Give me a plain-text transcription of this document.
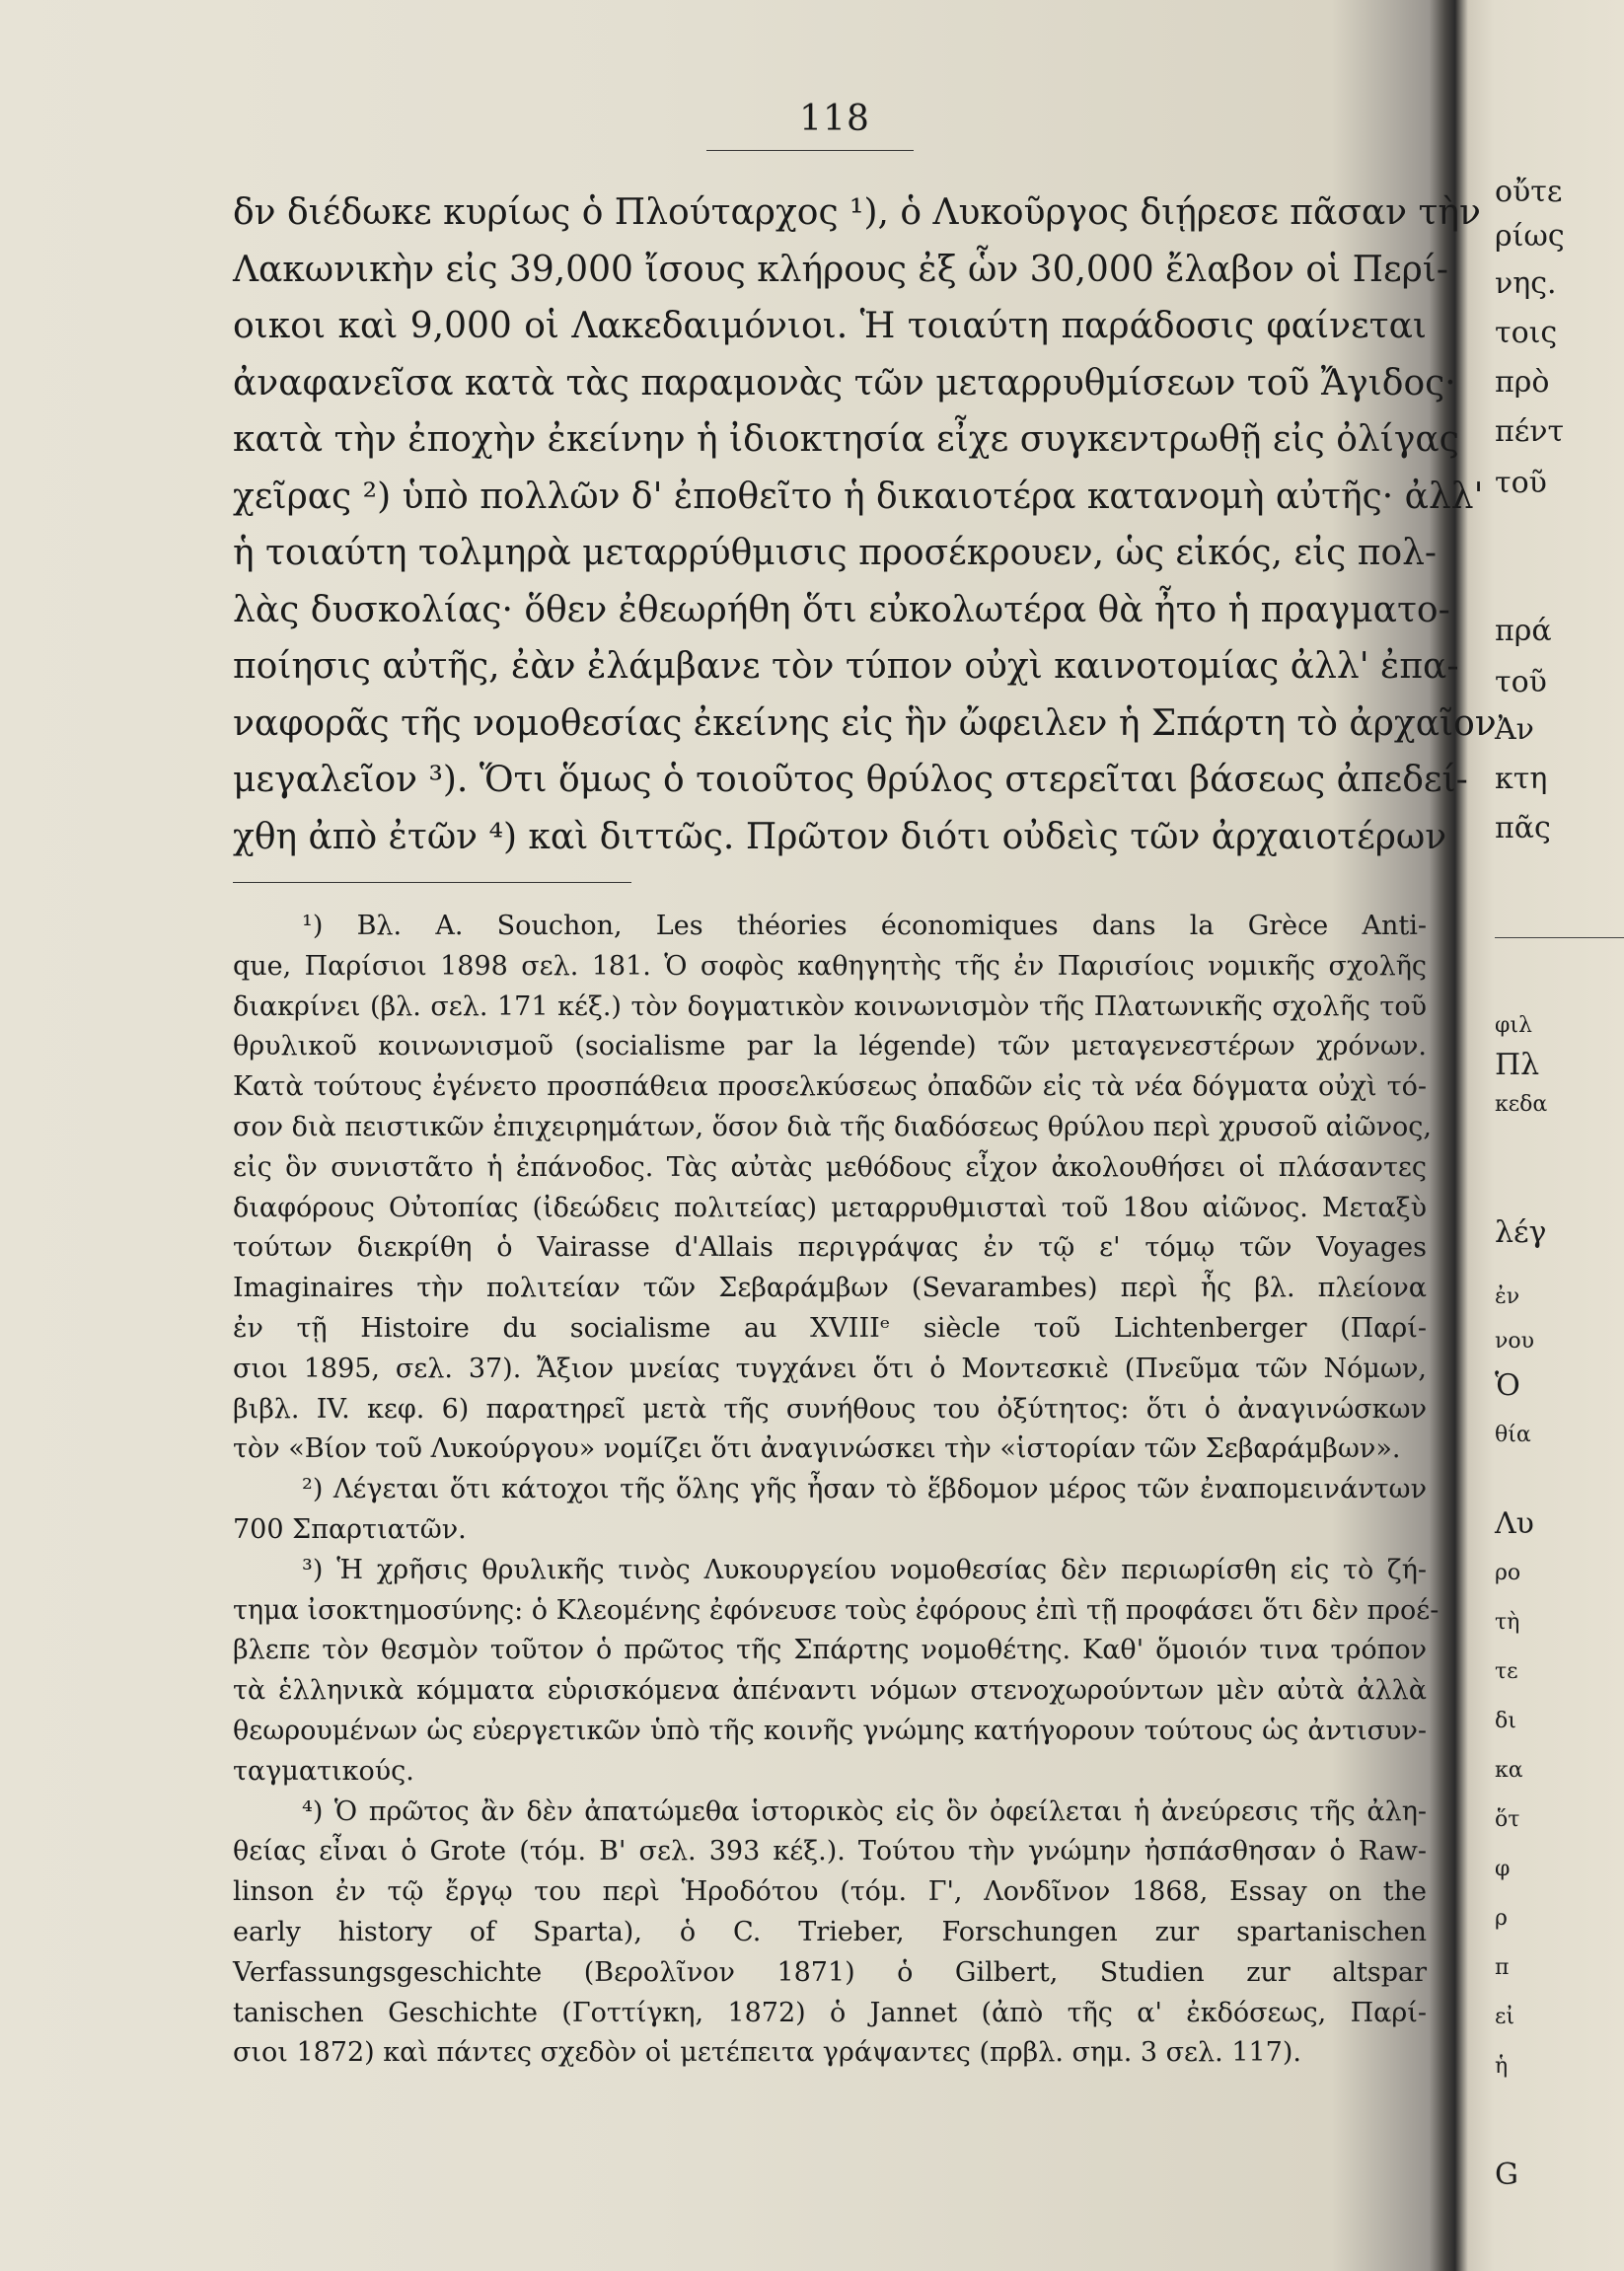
118
δν διέδωκε κυρίως ὁ Πλούταρχος ¹), ὁ Λυκοῦργος διῄρεσε πᾶσαν τὴν
Λακωνικὴν εἰς 39,000 ἴσους κλήρους ἐξ ὧν 30,000 ἔλαβον οἱ Περί-
οικοι καὶ 9,000 οἱ Λακεδαιμόνιοι. Ἡ τοιαύτη παράδοσις φαίνεται
ἀναφανεῖσα κατὰ τὰς παραμονὰς τῶν μεταρρυθμίσεων τοῦ Ἄγιδος·
κατὰ τὴν ἐποχὴν ἐκείνην ἡ ἰδιοκτησία εἶχε συγκεντρωθῇ εἰς ὀλίγας
χεῖρας ²) ὑπὸ πολλῶν δ' ἐποθεῖτο ἡ δικαιοτέρα κατανομὴ αὐτῆς· ἀλλ'
ἡ τοιαύτη τολμηρὰ μεταρρύθμισις προσέκρουεν, ὡς εἰκός, εἰς πολ-
λὰς δυσκολίας· ὅθεν ἐθεωρήθη ὅτι εὐκολωτέρα θὰ ἦτο ἡ πραγματο-
ποίησις αὐτῆς, ἐὰν ἐλάμβανε τὸν τύπον οὐχὶ καινοτομίας ἀλλ' ἐπα-
ναφορᾶς τῆς νομοθεσίας ἐκείνης εἰς ἣν ὤφειλεν ἡ Σπάρτη τὸ ἀρχαῖον
μεγαλεῖον ³). Ὅτι ὅμως ὁ τοιοῦτος θρύλος στερεῖται βάσεως ἀπεδεί-
χθη ἀπὸ ἐτῶν ⁴) καὶ διττῶς. Πρῶτον διότι οὐδεὶς τῶν ἀρχαιοτέρων
¹) Βλ. A. Souchon, Les théories économiques dans la Grèce Anti-
que, Παρίσιοι 1898 σελ. 181. Ὁ σοφὸς καθηγητὴς τῆς ἐν Παρισίοις νομικῆς σχολῆς
διακρίνει (βλ. σελ. 171 κέξ.) τὸν δογματικὸν κοινωνισμὸν τῆς Πλατωνικῆς σχολῆς τοῦ
θρυλικοῦ κοινωνισμοῦ (socialisme par la légende) τῶν μεταγενεστέρων χρόνων.
Κατὰ τούτους ἐγένετο προσπάθεια προσελκύσεως ὀπαδῶν εἰς τὰ νέα δόγματα οὐχὶ τό-
σον διὰ πειστικῶν ἐπιχειρημάτων, ὅσον διὰ τῆς διαδόσεως θρύλου περὶ χρυσοῦ αἰῶνος,
εἰς ὃν συνιστᾶτο ἡ ἐπάνοδος. Τὰς αὐτὰς μεθόδους εἶχον ἀκολουθήσει οἱ πλάσαντες
διαφόρους Οὐτοπίας (ἰδεώδεις πολιτείας) μεταρρυθμισταὶ τοῦ 18ου αἰῶνος. Μεταξὺ
τούτων διεκρίθη ὁ Vairasse d'Allais περιγράψας ἐν τῷ ε' τόμῳ τῶν Voyages
Imaginaires τὴν πολιτείαν τῶν Σεβαράμβων (Sevarambes) περὶ ἧς βλ. πλείονα
ἐν τῇ Histoire du socialisme au XVIIIᵉ siècle τοῦ Lichtenberger (Παρί-
σιοι 1895, σελ. 37). Ἄξιον μνείας τυγχάνει ὅτι ὁ Μοντεσκιὲ (Πνεῦμα τῶν Νόμων,
βιβλ. IV. κεφ. 6) παρατηρεῖ μετὰ τῆς συνήθους του ὀξύτητος: ὅτι ὁ ἀναγινώσκων
τὸν «Βίον τοῦ Λυκούργου» νομίζει ὅτι ἀναγινώσκει τὴν «ἱστορίαν τῶν Σεβαράμβων».
²) Λέγεται ὅτι κάτοχοι τῆς ὅλης γῆς ἦσαν τὸ ἕβδομον μέρος τῶν ἐναπομεινάντων
700 Σπαρτιατῶν.
³) Ἡ χρῆσις θρυλικῆς τινὸς Λυκουργείου νομοθεσίας δὲν περιωρίσθη εἰς τὸ ζή-
τημα ἰσοκτημοσύνης: ὁ Κλεομένης ἐφόνευσε τοὺς ἐφόρους ἐπὶ τῇ προφάσει ὅτι δὲν προέ-
βλεπε τὸν θεσμὸν τοῦτον ὁ πρῶτος τῆς Σπάρτης νομοθέτης. Καθ' ὅμοιόν τινα τρόπον
τὰ ἑλληνικὰ κόμματα εὑρισκόμενα ἀπέναντι νόμων στενοχωρούντων μὲν αὐτὰ ἀλλὰ
θεωρουμένων ὡς εὐεργετικῶν ὑπὸ τῆς κοινῆς γνώμης κατήγορουν τούτους ὡς ἀντισυν-
ταγματικούς.
⁴) Ὁ πρῶτος ἂν δὲν ἀπατώμεθα ἱστορικὸς εἰς ὃν ὀφείλεται ἡ ἀνεύρεσις τῆς ἀλη-
θείας εἶναι ὁ Grote (τόμ. Β' σελ. 393 κέξ.). Τούτου τὴν γνώμην ἠσπάσθησαν ὁ Raw-
linson ἐν τῷ ἔργῳ του περὶ Ἡροδότου (τόμ. Γ', Λονδῖνον 1868, Essay on the
early history of Sparta), ὁ C. Trieber, Forschungen zur spartanischen
Verfassungsgeschichte (Βερολῖνον 1871) ὁ Gilbert, Studien zur altspar
tanischen Geschichte (Γοττίγκη, 1872) ὁ Jannet (ἀπὸ τῆς α' ἐκδόσεως, Παρί-
σιοι 1872) καὶ πάντες σχεδὸν οἱ μετέπειτα γράψαντες (πρβλ. σημ. 3 σελ. 117).
οὔτε
ρίως
νης.
τοις
πρὸ
πέντ
τοῦ
πρά
τοῦ
Ἀν
κτη
πᾶς
φιλ
Πλ
κεδα
λέγ
ἐν
νου
Ὁ
θία
Λυ
ρο
τὴ
τε
δι
κα
ὅτ
φ
ρ
π
εἰ
ἡ
G
